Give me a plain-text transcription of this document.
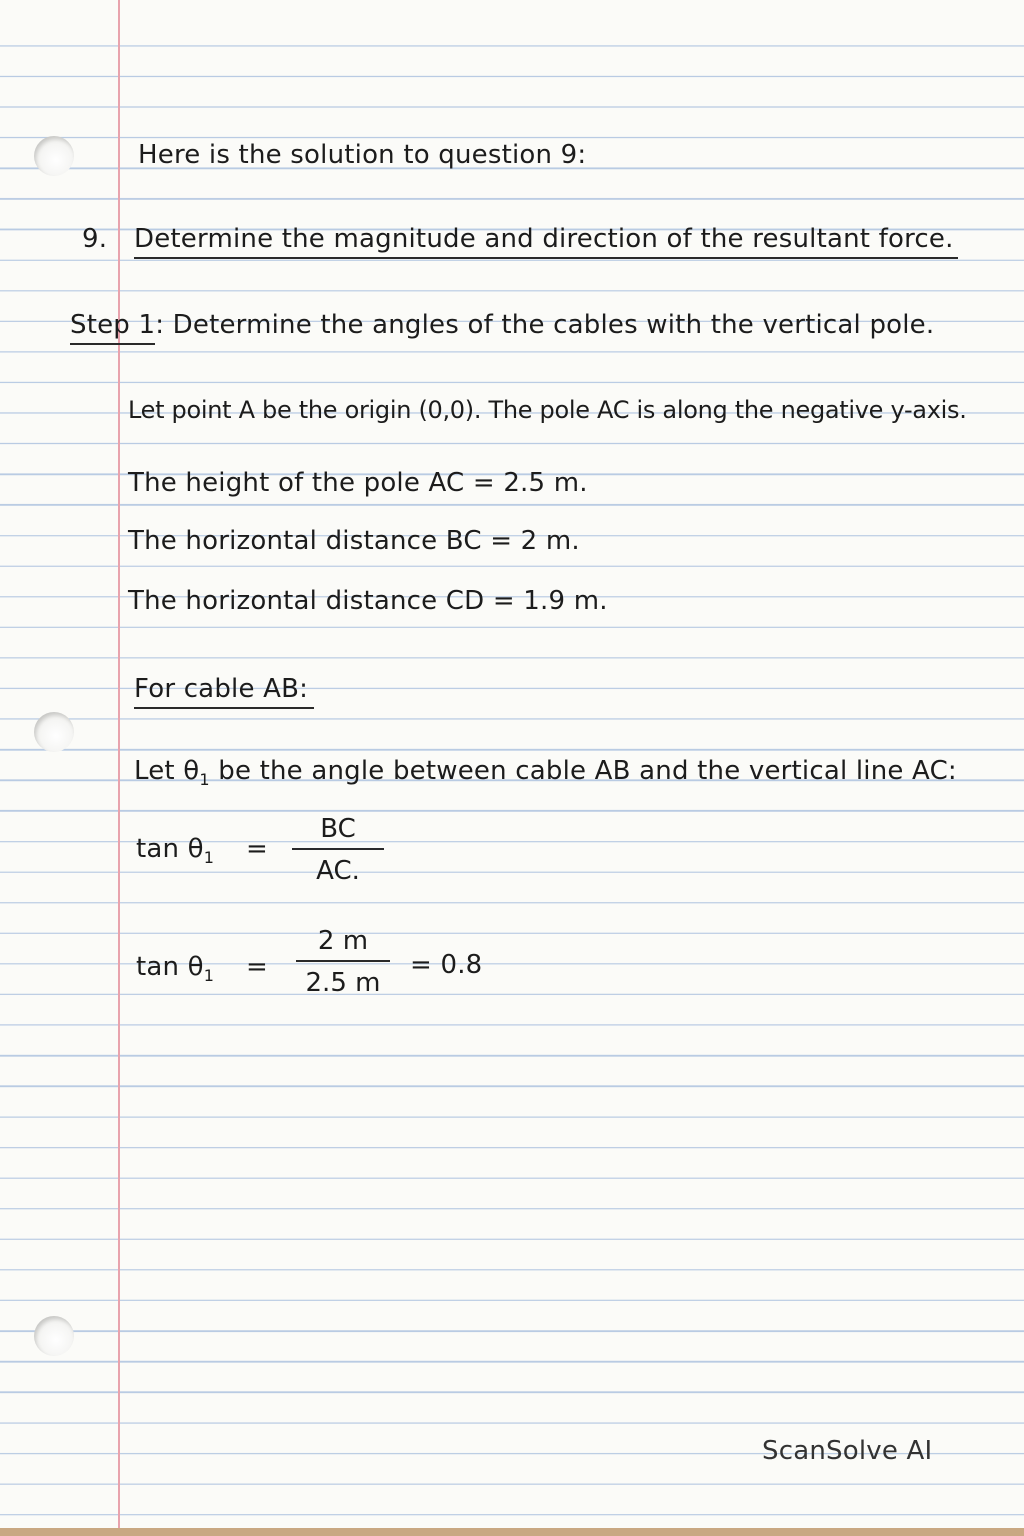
Here is the solution to question 9:
9. Determine the magnitude and direction of the resultant force.
Step 1: Determine the angles of the cables with the vertical pole.
Let point A be the origin (0,0). The pole AC is along the negative y-axis.
The height of the pole AC = 2.5 m.
The horizontal distance BC = 2 m.
The horizontal distance CD = 1.9 m.
For cable AB:
Let $\theta_1$ be the angle between cable AB and the vertical line AC:
$\tan \theta_1 = \frac{BC}{AC.}$
$\tan \theta_1 = \frac{2 m}{2.5 m} = 0.8$
ScanSolve AI
